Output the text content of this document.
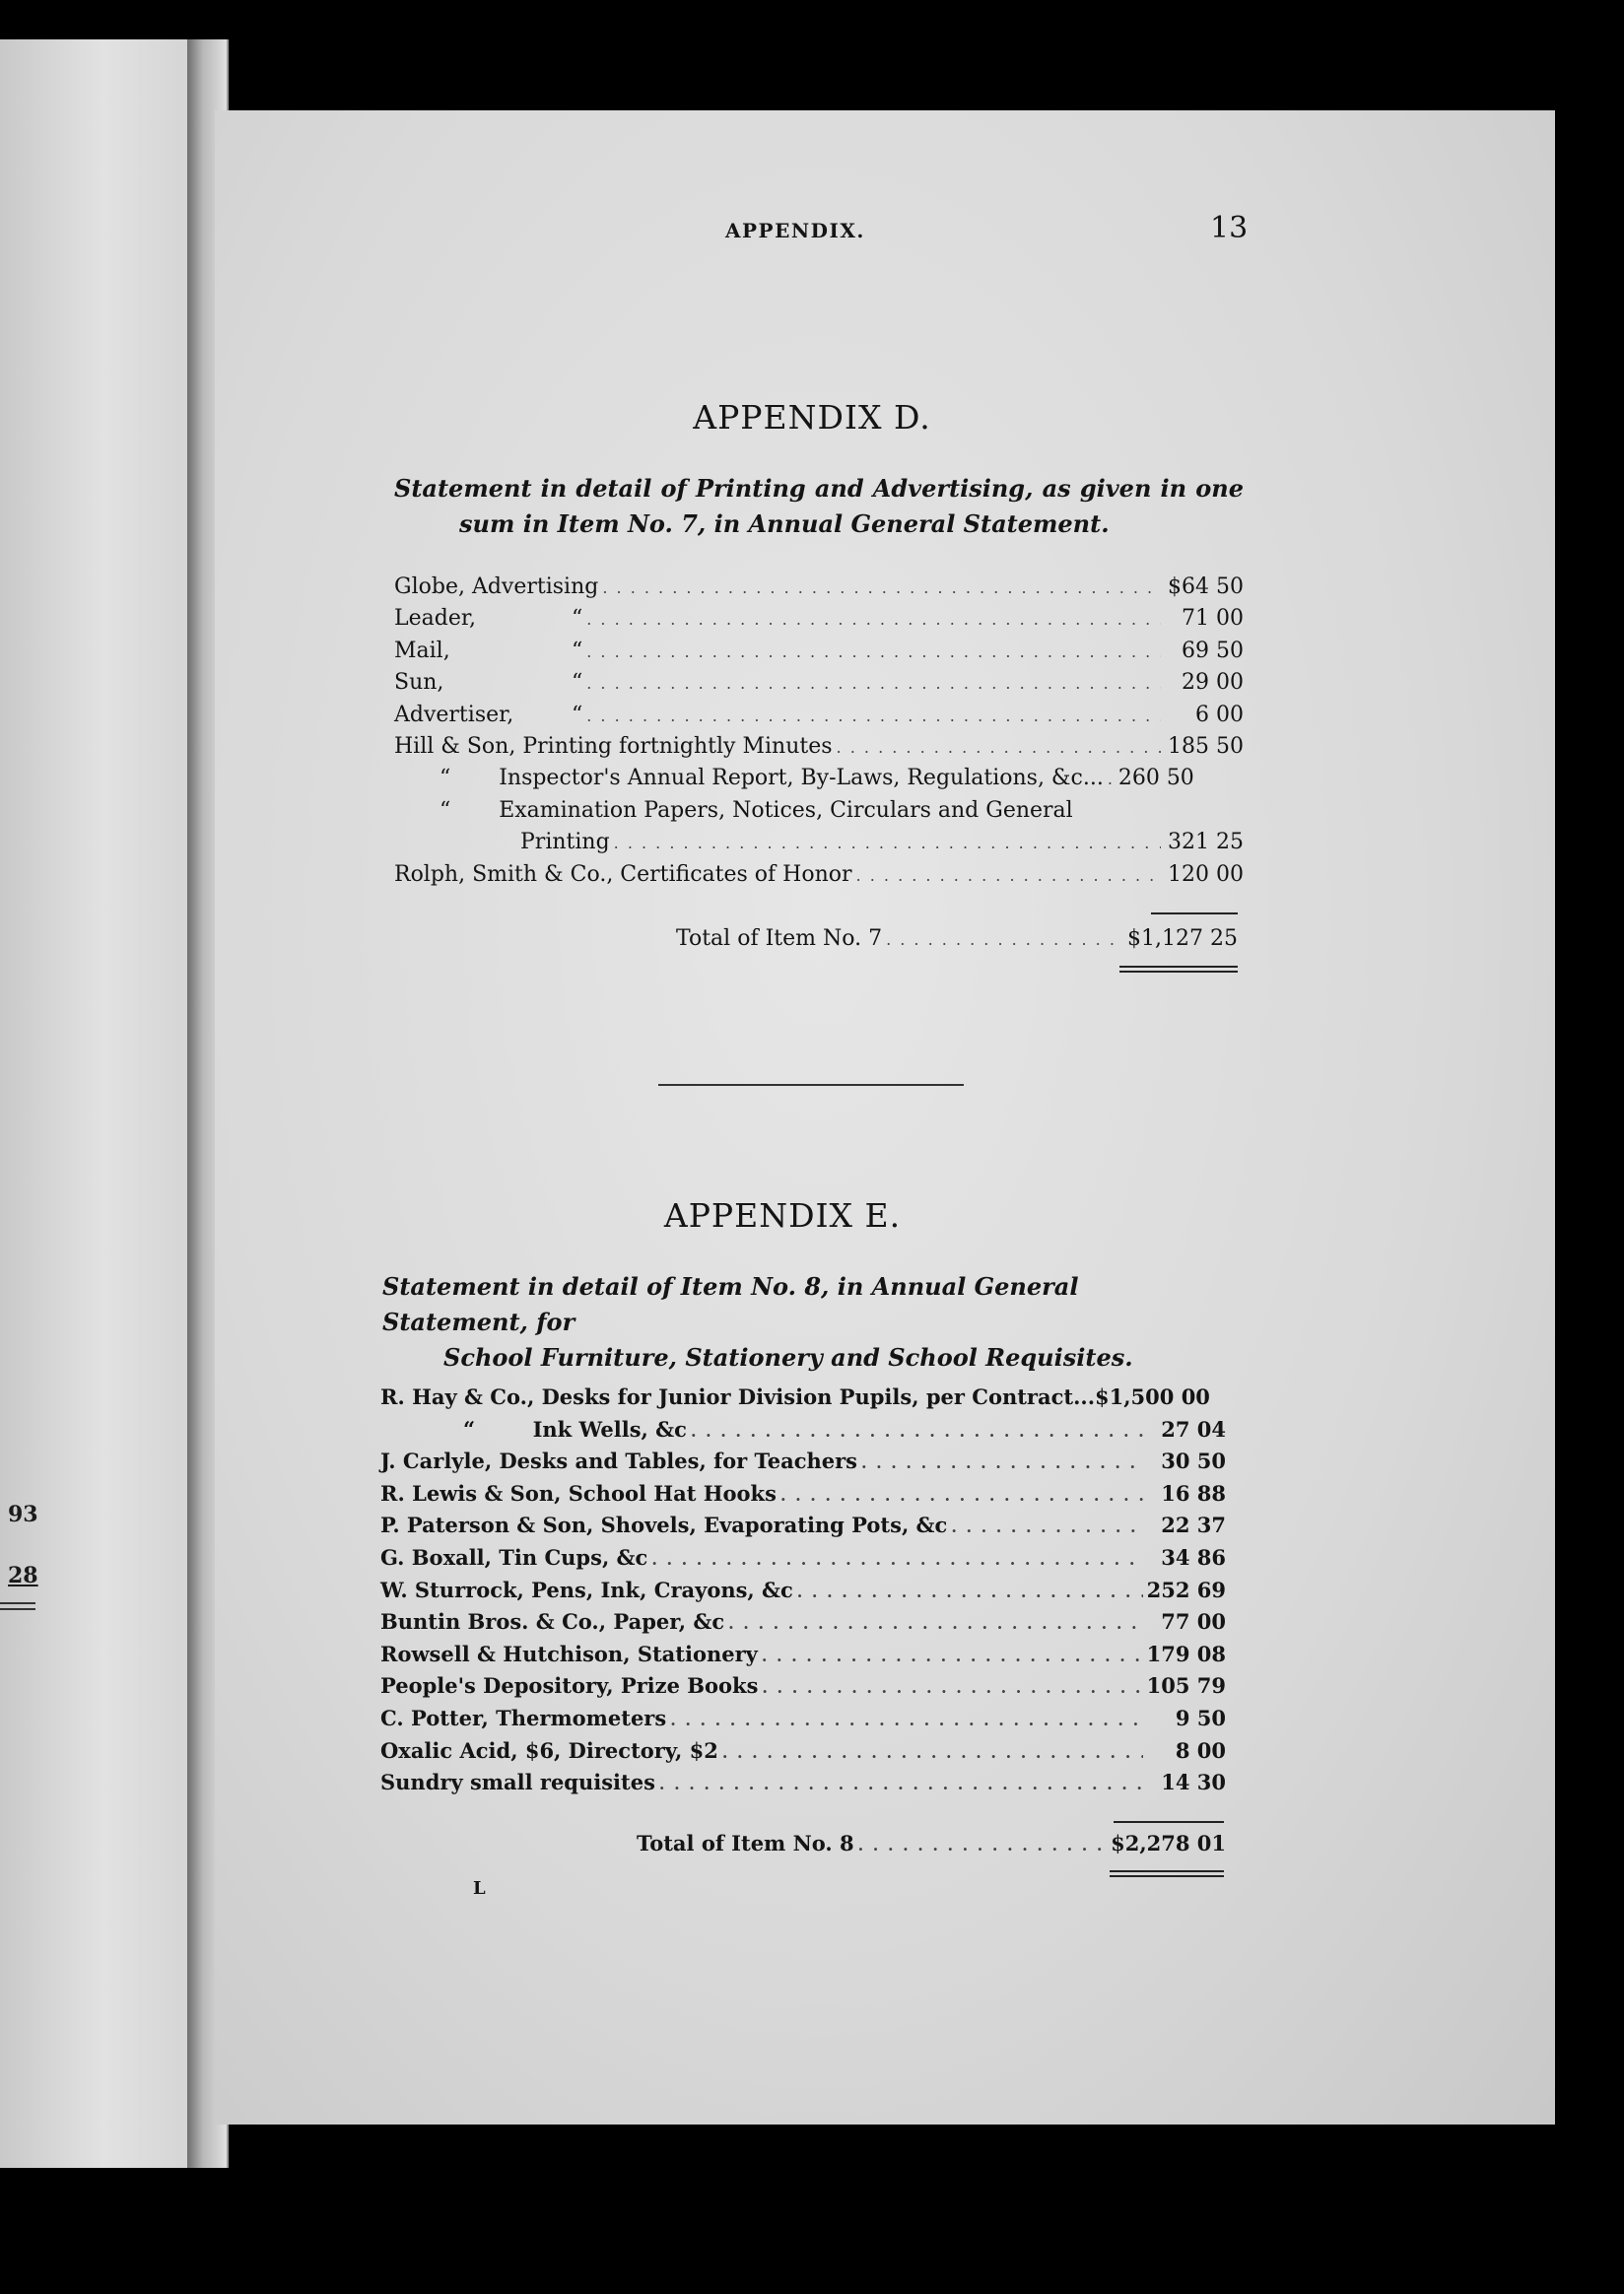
93
28
APPENDIX.	13
APPENDIX D.
Statement in detail of Printing and Advertising, as given in one
sum in Item No. 7, in Annual General Statement.
Globe, Advertising . . .	$64 50
Leader,	“ . . .	71 00
Mail,	“ . . .	69 50
Sun,	“ . . .	29 00
Advertiser,	“ . . .	6 00
Hill & Son, Printing fortnightly Minutes . . .	185 50
“ Inspector's Annual Report, By-Laws, Regulations, &c... . . . 260 50
“ Examination Papers, Notices, Circulars and General
Printing . . .	321 25
Rolph, Smith & Co., Certificates of Honor . . .	120 00
Total of Item No. 7 . . .	$1,127 25
APPENDIX E.
Statement in detail of Item No. 8, in Annual General Statement, for
School Furniture, Stationery and School Requisites.
R. Hay & Co., Desks for Junior Division Pupils, per Contract... $1,500 00
“	Ink Wells, &c . . .	27 04
J. Carlyle, Desks and Tables, for Teachers . . .	30 50
R. Lewis & Son, School Hat Hooks . . .	16 88
P. Paterson & Son, Shovels, Evaporating Pots, &c . . .	22 37
G. Boxall, Tin Cups, &c . . .	34 86
W. Sturrock, Pens, Ink, Crayons, &c . . .	252 69
Buntin Bros. & Co., Paper, &c . . .	77 00
Rowsell & Hutchison, Stationery . . .	179 08
People's Depository, Prize Books . . .	105 79
C. Potter, Thermometers . . .	9 50
Oxalic Acid, $6, Directory, $2 . . .	8 00
Sundry small requisites . . .	14 30
Total of Item No. 8 . . .	$2,278 01
L
